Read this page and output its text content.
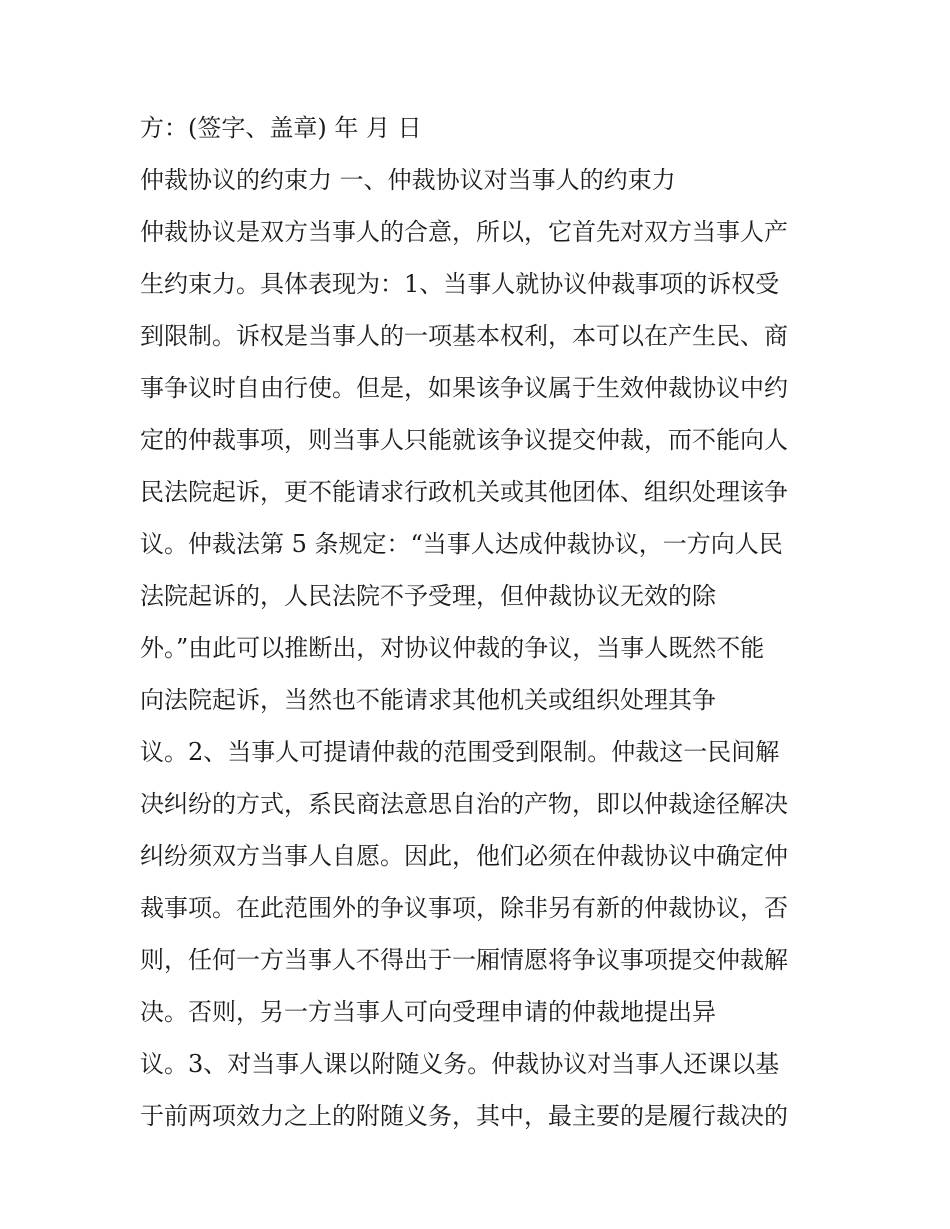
方：(签字、盖章) 年 月 日

仲裁协议的约束力 一、仲裁协议对当事人的约束力

仲裁协议是双方当事人的合意，所以，它首先对双方当事人产

生约束力。具体表现为：1、当事人就协议仲裁事项的诉权受

到限制。诉权是当事人的一项基本权利，本可以在产生民、商

事争议时自由行使。但是，如果该争议属于生效仲裁协议中约

定的仲裁事项，则当事人只能就该争议提交仲裁，而不能向人

民法院起诉，更不能请求行政机关或其他团体、组织处理该争

议。仲裁法第 5 条规定：“当事人达成仲裁协议，一方向人民

法院起诉的，人民法院不予受理，但仲裁协议无效的除

外。”由此可以推断出，对协议仲裁的争议，当事人既然不能

向法院起诉，当然也不能请求其他机关或组织处理其争

议。2、当事人可提请仲裁的范围受到限制。仲裁这一民间解

决纠纷的方式，系民商法意思自治的产物，即以仲裁途径解决

纠纷须双方当事人自愿。因此，他们必须在仲裁协议中确定仲

裁事项。在此范围外的争议事项，除非另有新的仲裁协议，否

则，任何一方当事人不得出于一厢情愿将争议事项提交仲裁解

决。否则，另一方当事人可向受理申请的仲裁地提出异

议。3、对当事人课以附随义务。仲裁协议对当事人还课以基

于前两项效力之上的附随义务，其中，最主要的是履行裁决的
